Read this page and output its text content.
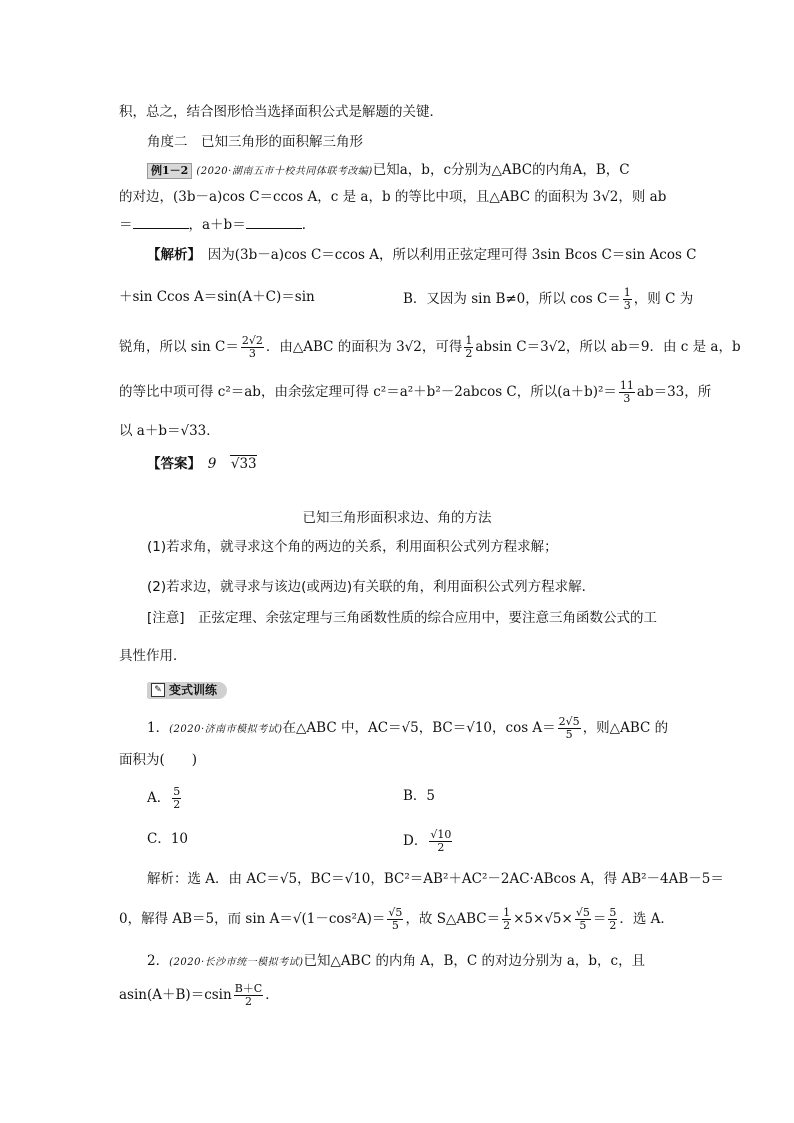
积，总之，结合图形恰当选择面积公式是解题的关键．
角度二　已知三角形的面积解三角形
例1－2 (2020·湖南五市十校共同体联考改编)已知a，b，c分别为△ABC的内角A，B，C
的对边，(3b－a)cos C＝ccos A，c 是 a，b 的等比中项，且△ABC 的面积为 3√2，则 ab
＝	，a＋b＝	．
【解析】　 因为(3b－a)cos C＝ccos A，所以利用正弦定理可得 3sin Bcos C＝sin Acos C
＋sin Ccos A＝sin(A＋C)＝sin	B．又因为 sin B≠0，所以 $\cos C= \frac{1}{3}$ ，则 C 为
锐角，所以 $\sin C= \frac{2√2}{3}$ ．由△ABC 的面积为 3√2，可得 $\frac{1}{2}$ absin C＝3√2，所以 ab＝9．由 c 是 a，b
的等比中项可得 c²＝ab，由余弦定理可得 c²＝a²＋b²－2abcos C，所以$(a+b)^2= \frac{11}{3} ab=33$，所
以 a＋b＝√33．
【答案】　 9　 √ 33
已知三角形面积求边、角的方法
(1)若求角，就寻求这个角的两边的关系，利用面积公式列方程求解；
(2)若求边，就寻求与该边(或两边)有关联的角，利用面积公式列方程求解．
[注意]　正弦定理、余弦定理与三角函数性质的综合应用中，要注意三角函数公式的工
具性作用．
✎ 变式训练
1．(2020·济南市模拟考试)在△ABC 中，AC＝√5，BC＝√10，$\cos A= \frac{2√5}{5}$ ，则△ABC 的
面积为(　　)
A． $\frac{5}{2}$	B．5
C．10	D． $\frac{√10}{2}$
解析：选 A．由 AC＝√5，BC＝√10，BC²＝AB²＋AC²－2AC·ABcos A，得 AB²－4AB－5＝
0，解得 AB＝5，而 $\sin A=√(1-\cos^2A)= \frac{√5}{5}$ ，故 S△ABC＝ $\frac{1}{2} \times 5\times√5\times \frac{√5}{5} = \frac{5}{2}$ ．选 A．
2．(2020·长沙市统一模拟考试)已知△ABC 的内角 A，B，C 的对边分别为 a，b，c，且
$asin(A+B)=csin \frac{B+C}{2}$ ．
